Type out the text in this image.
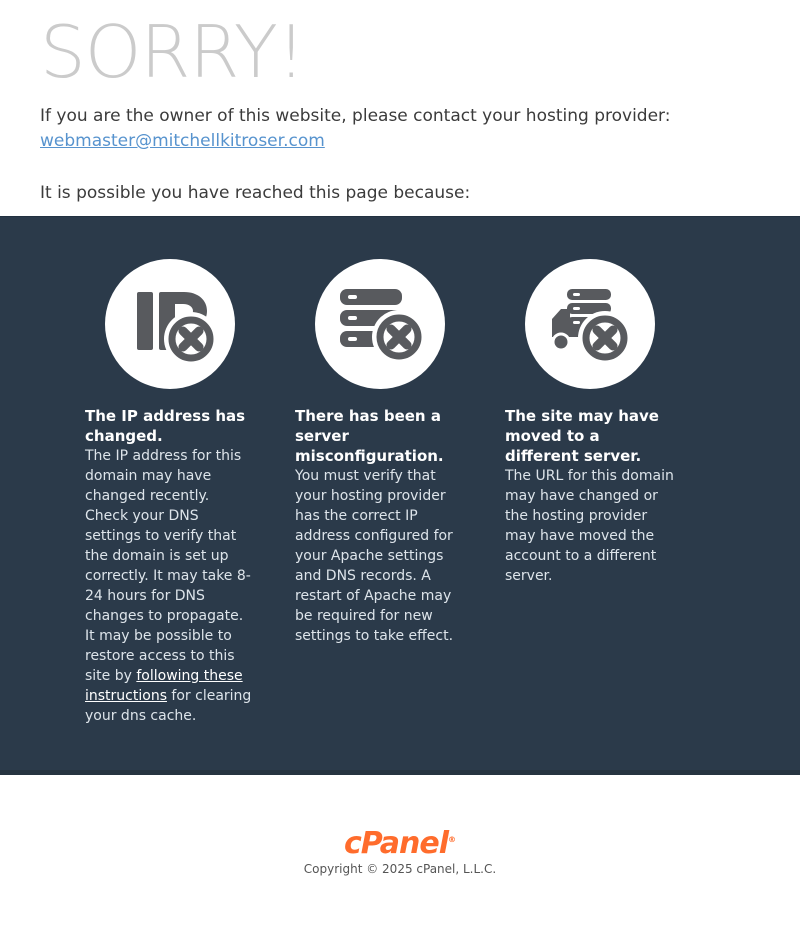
SORRY!

If you are the owner of this website, please contact your hosting provider:
webmaster@mitchellkitroser.com

It is possible you have reached this page because:

The IP address has changed.

The IP address for this domain may have changed recently. Check your DNS settings to verify that the domain is set up correctly. It may take 8-24 hours for DNS changes to propagate. It may be possible to restore access to this site by following these instructions for clearing your dns cache.

There has been a server misconfiguration.

You must verify that your hosting provider has the correct IP address configured for your Apache settings and DNS records. A restart of Apache may be required for new settings to take effect.

The site may have moved to a different server.

The URL for this domain may have changed or the hosting provider may have moved the account to a different server.

cPanel®
Copyright © 2025 cPanel, L.L.C.
